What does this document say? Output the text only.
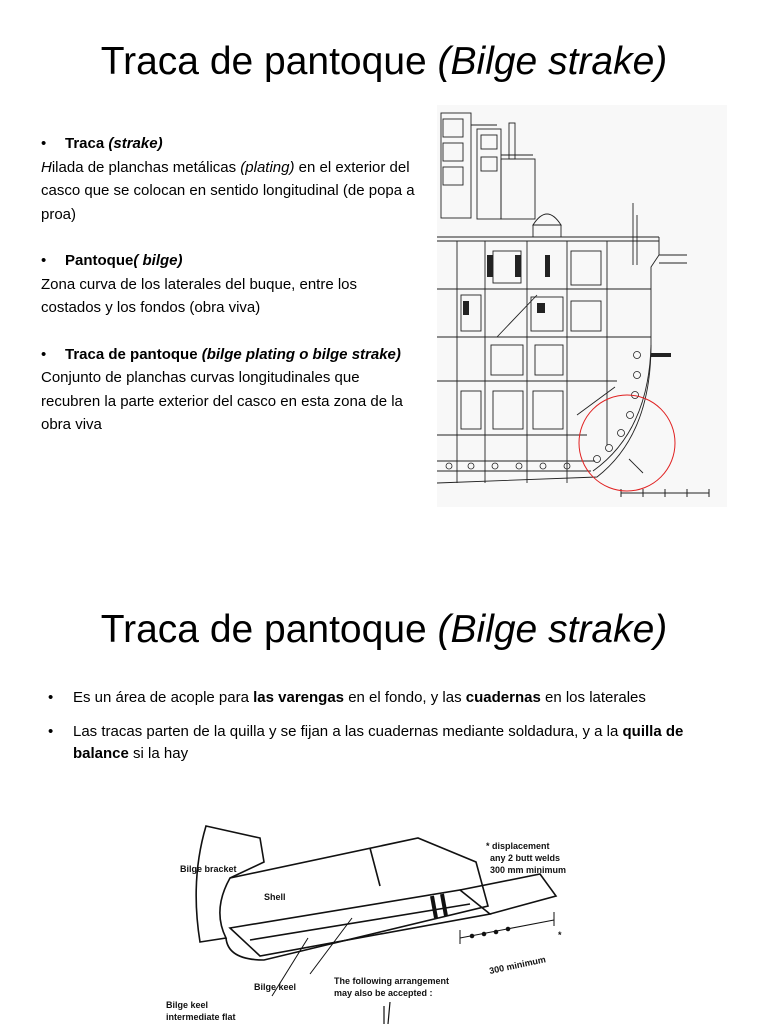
Traca de pantoque (Bilge strake)
• Traca (strake)
Hilada de planchas metálicas (plating) en el exterior del casco que se colocan en sentido longitudinal (de popa a proa)
• Pantoque( bilge)
Zona curva de los laterales del buque, entre los costados y los fondos (obra viva)
• Traca de pantoque (bilge plating o bilge strake)
Conjunto de planchas curvas longitudinales que recubren la parte exterior del casco en esta zona de la obra viva
Traca de pantoque (Bilge strake)
• Es un área de acople para las varengas en el fondo, y las cuadernas en los laterales
• Las tracas parten de la quilla y se fijan a las cuadernas mediante soldadura, y a la quilla de balance si la hay
Bilge bracket
Shell
* displacement
any 2 butt welds
300 mm minimum
300 minimum
*
Bilge keel
The following arrangement
may also be accepted :
Bilge keel
intermediate flat
